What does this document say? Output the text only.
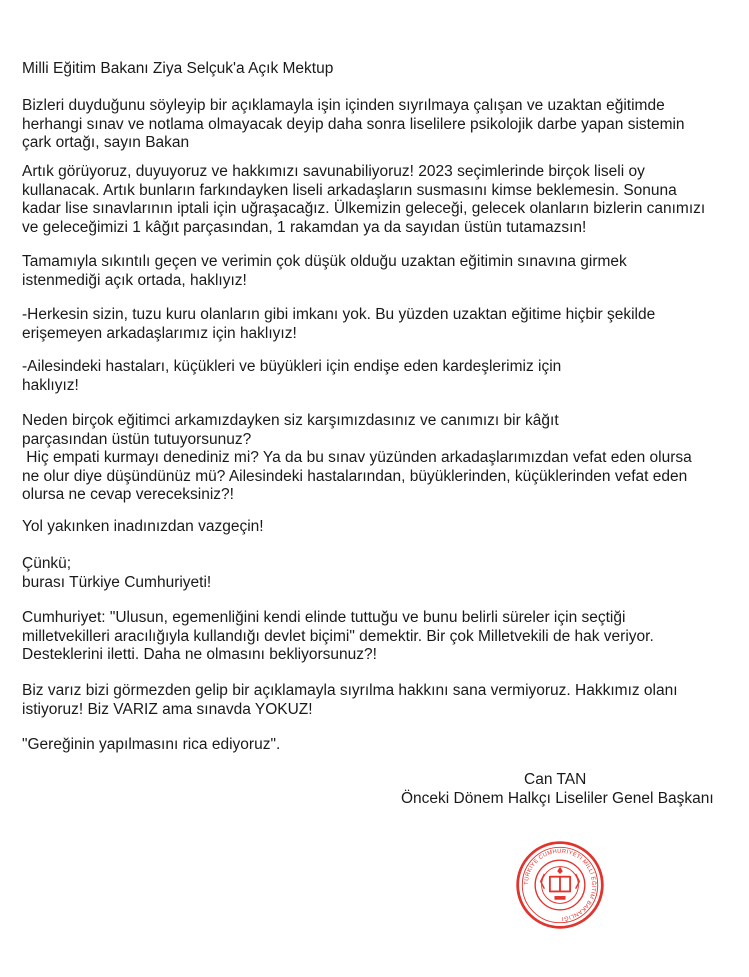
Milli Eğitim Bakanı Ziya Selçuk'a Açık Mektup
Bizleri duyduğunu söyleyip bir açıklamayla işin içinden sıyrılmaya çalışan ve uzaktan eğitimde
herhangi sınav ve notlama olmayacak deyip daha sonra liselilere psikolojik darbe yapan sistemin
çark ortağı, sayın Bakan
Artık görüyoruz, duyuyoruz ve hakkımızı savunabiliyoruz! 2023 seçimlerinde birçok liseli oy
kullanacak. Artık bunların farkındayken liseli arkadaşların susmasını kimse beklemesin. Sonuna
kadar lise sınavlarının iptali için uğraşacağız. Ülkemizin geleceği, gelecek olanların bizlerin canımızı
ve geleceğimizi 1 kâğıt parçasından, 1 rakamdan ya da sayıdan üstün tutamazsın!
Tamamıyla sıkıntılı geçen ve verimin çok düşük olduğu uzaktan eğitimin sınavına girmek
istenmediği açık ortada, haklıyız!
-Herkesin sizin, tuzu kuru olanların gibi imkanı yok. Bu yüzden uzaktan eğitime hiçbir şekilde
erişemeyen arkadaşlarımız için haklıyız!
-Ailesindeki hastaları, küçükleri ve büyükleri için endişe eden kardeşlerimiz için
haklıyız!
Neden birçok eğitimci arkamızdayken siz karşımızdasınız ve canımızı bir kâğıt
parçasından üstün tutuyorsunuz?
Hiç empati kurmayı denediniz mi? Ya da bu sınav yüzünden arkadaşlarımızdan vefat eden olursa
ne olur diye düşündünüz mü? Ailesindeki hastalarından, büyüklerinden, küçüklerinden vefat eden
olursa ne cevap vereceksiniz?!
Yol yakınken inadınızdan vazgeçin!
Çünkü;
burası Türkiye Cumhuriyeti!
Cumhuriyet: "Ulusun, egemenliğini kendi elinde tuttuğu ve bunu belirli süreler için seçtiği
milletvekilleri aracılığıyla kullandığı devlet biçimi" demektir. Bir çok Milletvekili de hak veriyor.
Desteklerini iletti. Daha ne olmasını bekliyorsunuz?!
Biz varız bizi görmezden gelip bir açıklamayla sıyrılma hakkını sana vermiyoruz. Hakkımız olanı
istiyoruz! Biz VARIZ ama sınavda YOKUZ!
"Gereğinin yapılmasını rica ediyoruz".
Can TAN
Önceki Dönem Halkçı Liseliler Genel Başkanı
TÜRKİYE CUMHURİYETİ MİLLİ EĞİTİM BAKANLIĞI
